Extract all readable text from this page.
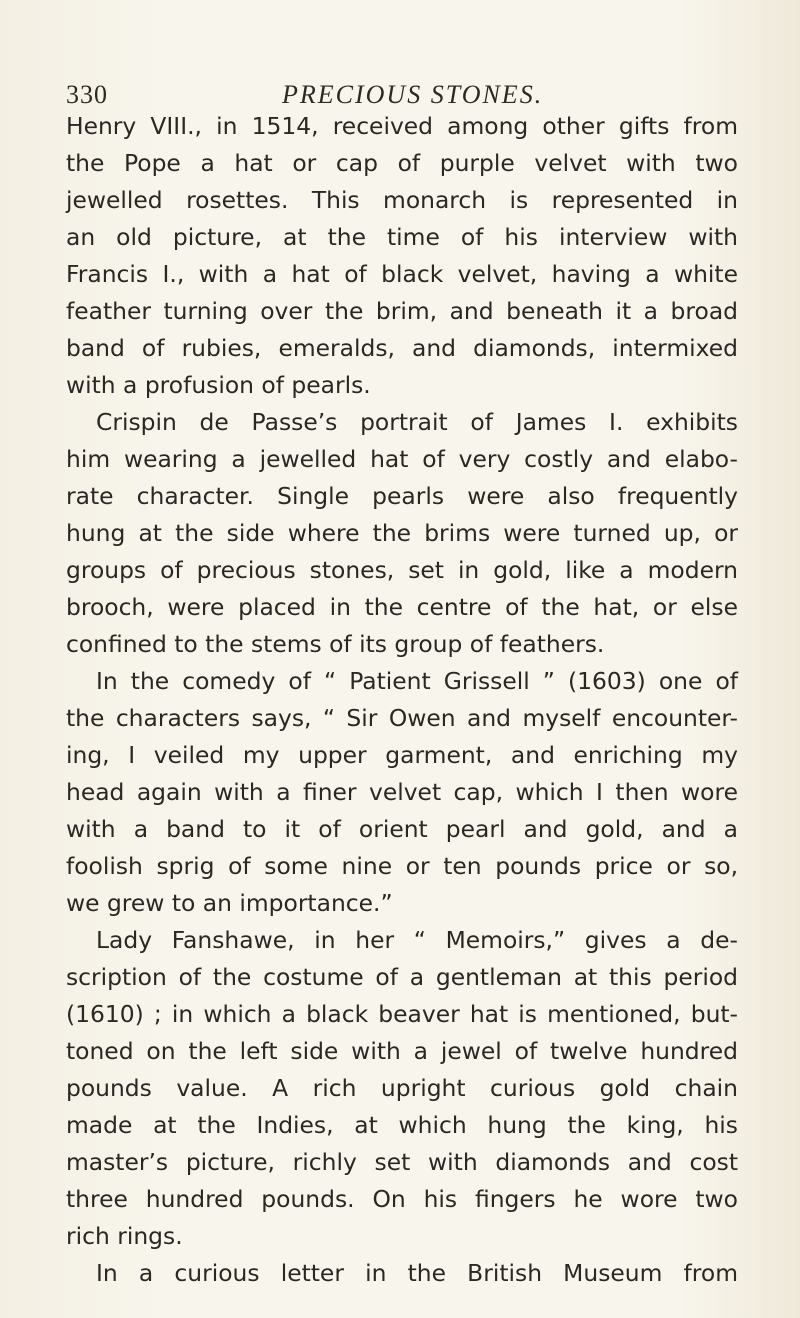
330	PRECIOUS STONES.
Henry VIII., in 1514, received among other gifts from
the Pope a hat or cap of purple velvet with two
jewelled rosettes. This monarch is represented in
an old picture, at the time of his interview with
Francis I., with a hat of black velvet, having a white
feather turning over the brim, and beneath it a broad
band of rubies, emeralds, and diamonds, intermixed
with a profusion of pearls.
Crispin de Passe’s portrait of James I. exhibits
him wearing a jewelled hat of very costly and elabo-
rate character. Single pearls were also frequently
hung at the side where the brims were turned up, or
groups of precious stones, set in gold, like a modern
brooch, were placed in the centre of the hat, or else
confined to the stems of its group of feathers.
In the comedy of “ Patient Grissell ” (1603) one of
the characters says, “ Sir Owen and myself encounter-
ing, I veiled my upper garment, and enriching my
head again with a finer velvet cap, which I then wore
with a band to it of orient pearl and gold, and a
foolish sprig of some nine or ten pounds price or so,
we grew to an importance.”
Lady Fanshawe, in her “ Memoirs,” gives a de-
scription of the costume of a gentleman at this period
(1610) ; in which a black beaver hat is mentioned, but-
toned on the left side with a jewel of twelve hundred
pounds value. A rich upright curious gold chain
made at the Indies, at which hung the king, his
master’s picture, richly set with diamonds and cost
three hundred pounds. On his fingers he wore two
rich rings.
In a curious letter in the British Museum from
